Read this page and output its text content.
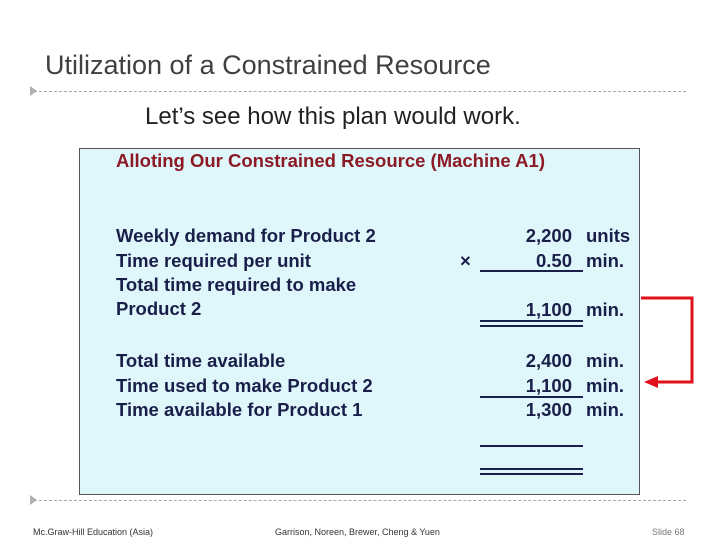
Utilization of a Constrained Resource
Let’s see how this plan would work.
Alloting Our Constrained Resource (Machine A1)
Weekly demand for Product 2	2,200 units
Time required per unit	×	0.50 min.
Total time required to make
Product 2	1,100 min.
Total time available	2,400 min.
Time used to make Product 2	1,100 min.
Time available for Product 1	1,300 min.
Mc.Graw-Hill Education (Asia)	Garrison, Noreen, Brewer, Cheng & Yuen	Slide 68
